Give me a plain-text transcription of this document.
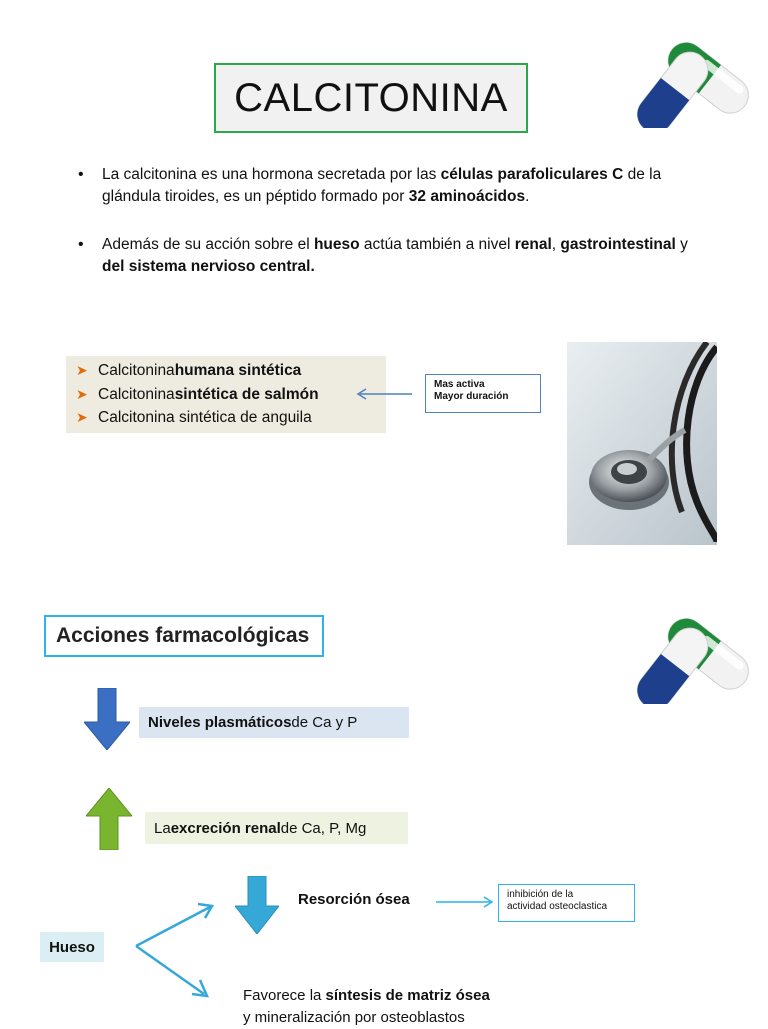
CALCITONINA
• La calcitonina es una hormona secretada por las células parafoliculares C de la glándula tiroides, es un péptido formado por 32 aminoácidos.
• Además de su acción sobre el hueso actúa también a nivel renal, gastrointestinal y del sistema nervioso central.
➤ Calcitonina humana sintética
➤ Calcitonina sintética de salmón
➤ Calcitonina sintética de anguila
Mas activa
Mayor duración
Acciones farmacológicas
Niveles plasmáticos de Ca y P
La excreción renal de Ca, P, Mg
Resorción ósea	inhibición de la
actividad osteoclastica
Hueso
Favorece la síntesis de matriz ósea
y mineralización por osteoblastos
